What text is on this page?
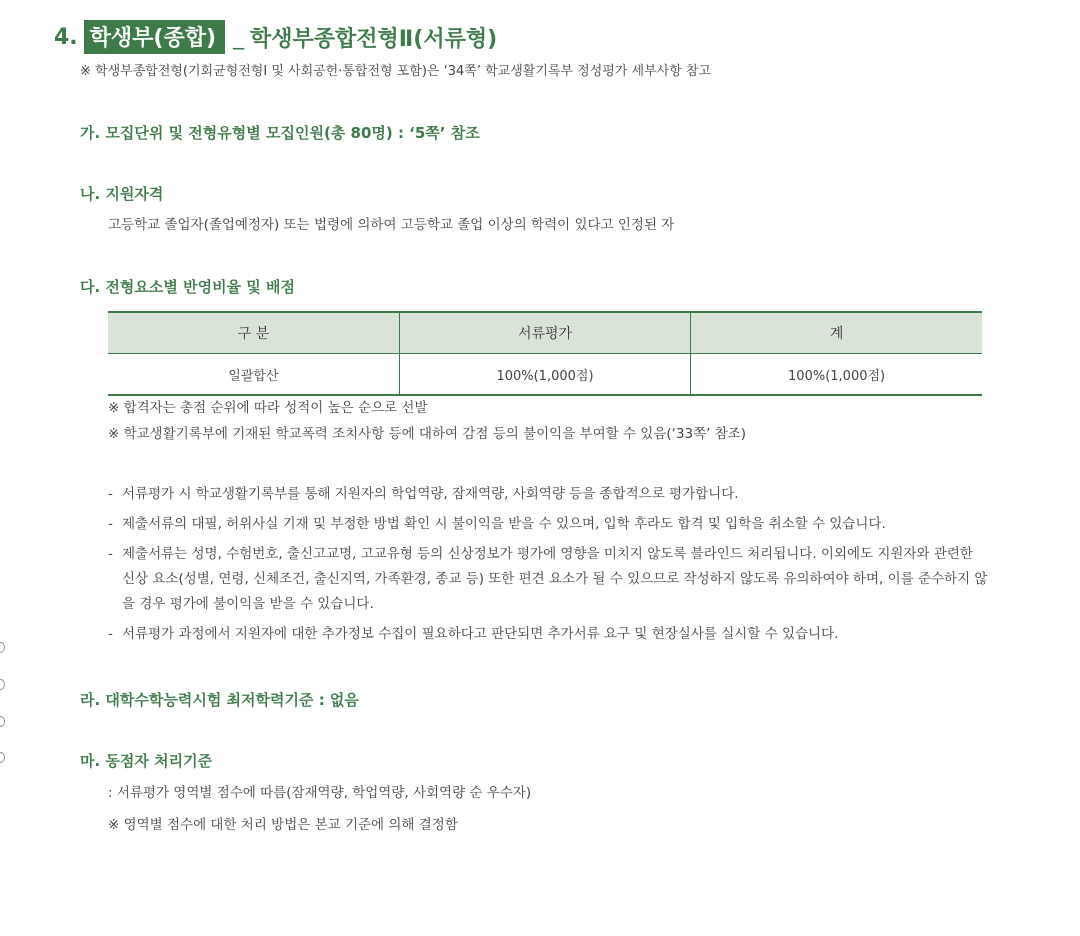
4. 학생부(종합) _ 학생부종합전형Ⅱ(서류형)
※ 학생부종합전형(기회균형전형Ⅰ 및 사회공헌·통합전형 포함)은 ‘34쪽’ 학교생활기록부 정성평가 세부사항 참고
가. 모집단위 및 전형유형별 모집인원(총 80명) : ‘5쪽’ 참조
나. 지원자격
고등학교 졸업자(졸업예정자) 또는 법령에 의하여 고등학교 졸업 이상의 학력이 있다고 인정된 자
다. 전형요소별 반영비율 및 배점
구 분	서류평가	계
일괄합산	100%(1,000점)	100%(1,000점)
※ 합격자는 총점 순위에 따라 성적이 높은 순으로 선발
※ 학교생활기록부에 기재된 학교폭력 조치사항 등에 대하여 감점 등의 불이익을 부여할 수 있음(‘33쪽’ 참조)
- 서류평가 시 학교생활기록부를 통해 지원자의 학업역량, 잠재역량, 사회역량 등을 종합적으로 평가합니다.
- 제출서류의 대필, 허위사실 기재 및 부정한 방법 확인 시 불이익을 받을 수 있으며, 입학 후라도 합격 및 입학을 취소할 수 있습니다.
- 제출서류는 성명, 수험번호, 출신고교명, 고교유형 등의 신상정보가 평가에 영향을 미치지 않도록 블라인드 처리됩니다. 이외에도 지원자와 관련한 신상 요소(성별, 연령, 신체조건, 출신지역, 가족환경, 종교 등) 또한 편견 요소가 될 수 있으므로 작성하지 않도록 유의하여야 하며, 이를 준수하지 않을 경우 평가에 불이익을 받을 수 있습니다.
- 서류평가 과정에서 지원자에 대한 추가정보 수집이 필요하다고 판단되면 추가서류 요구 및 현장실사를 실시할 수 있습니다.
라. 대학수학능력시험 최저학력기준 : 없음
마. 동점자 처리기준
: 서류평가 영역별 점수에 따름(잠재역량, 학업역량, 사회역량 순 우수자)
※ 영역별 점수에 대한 처리 방법은 본교 기준에 의해 결정함
